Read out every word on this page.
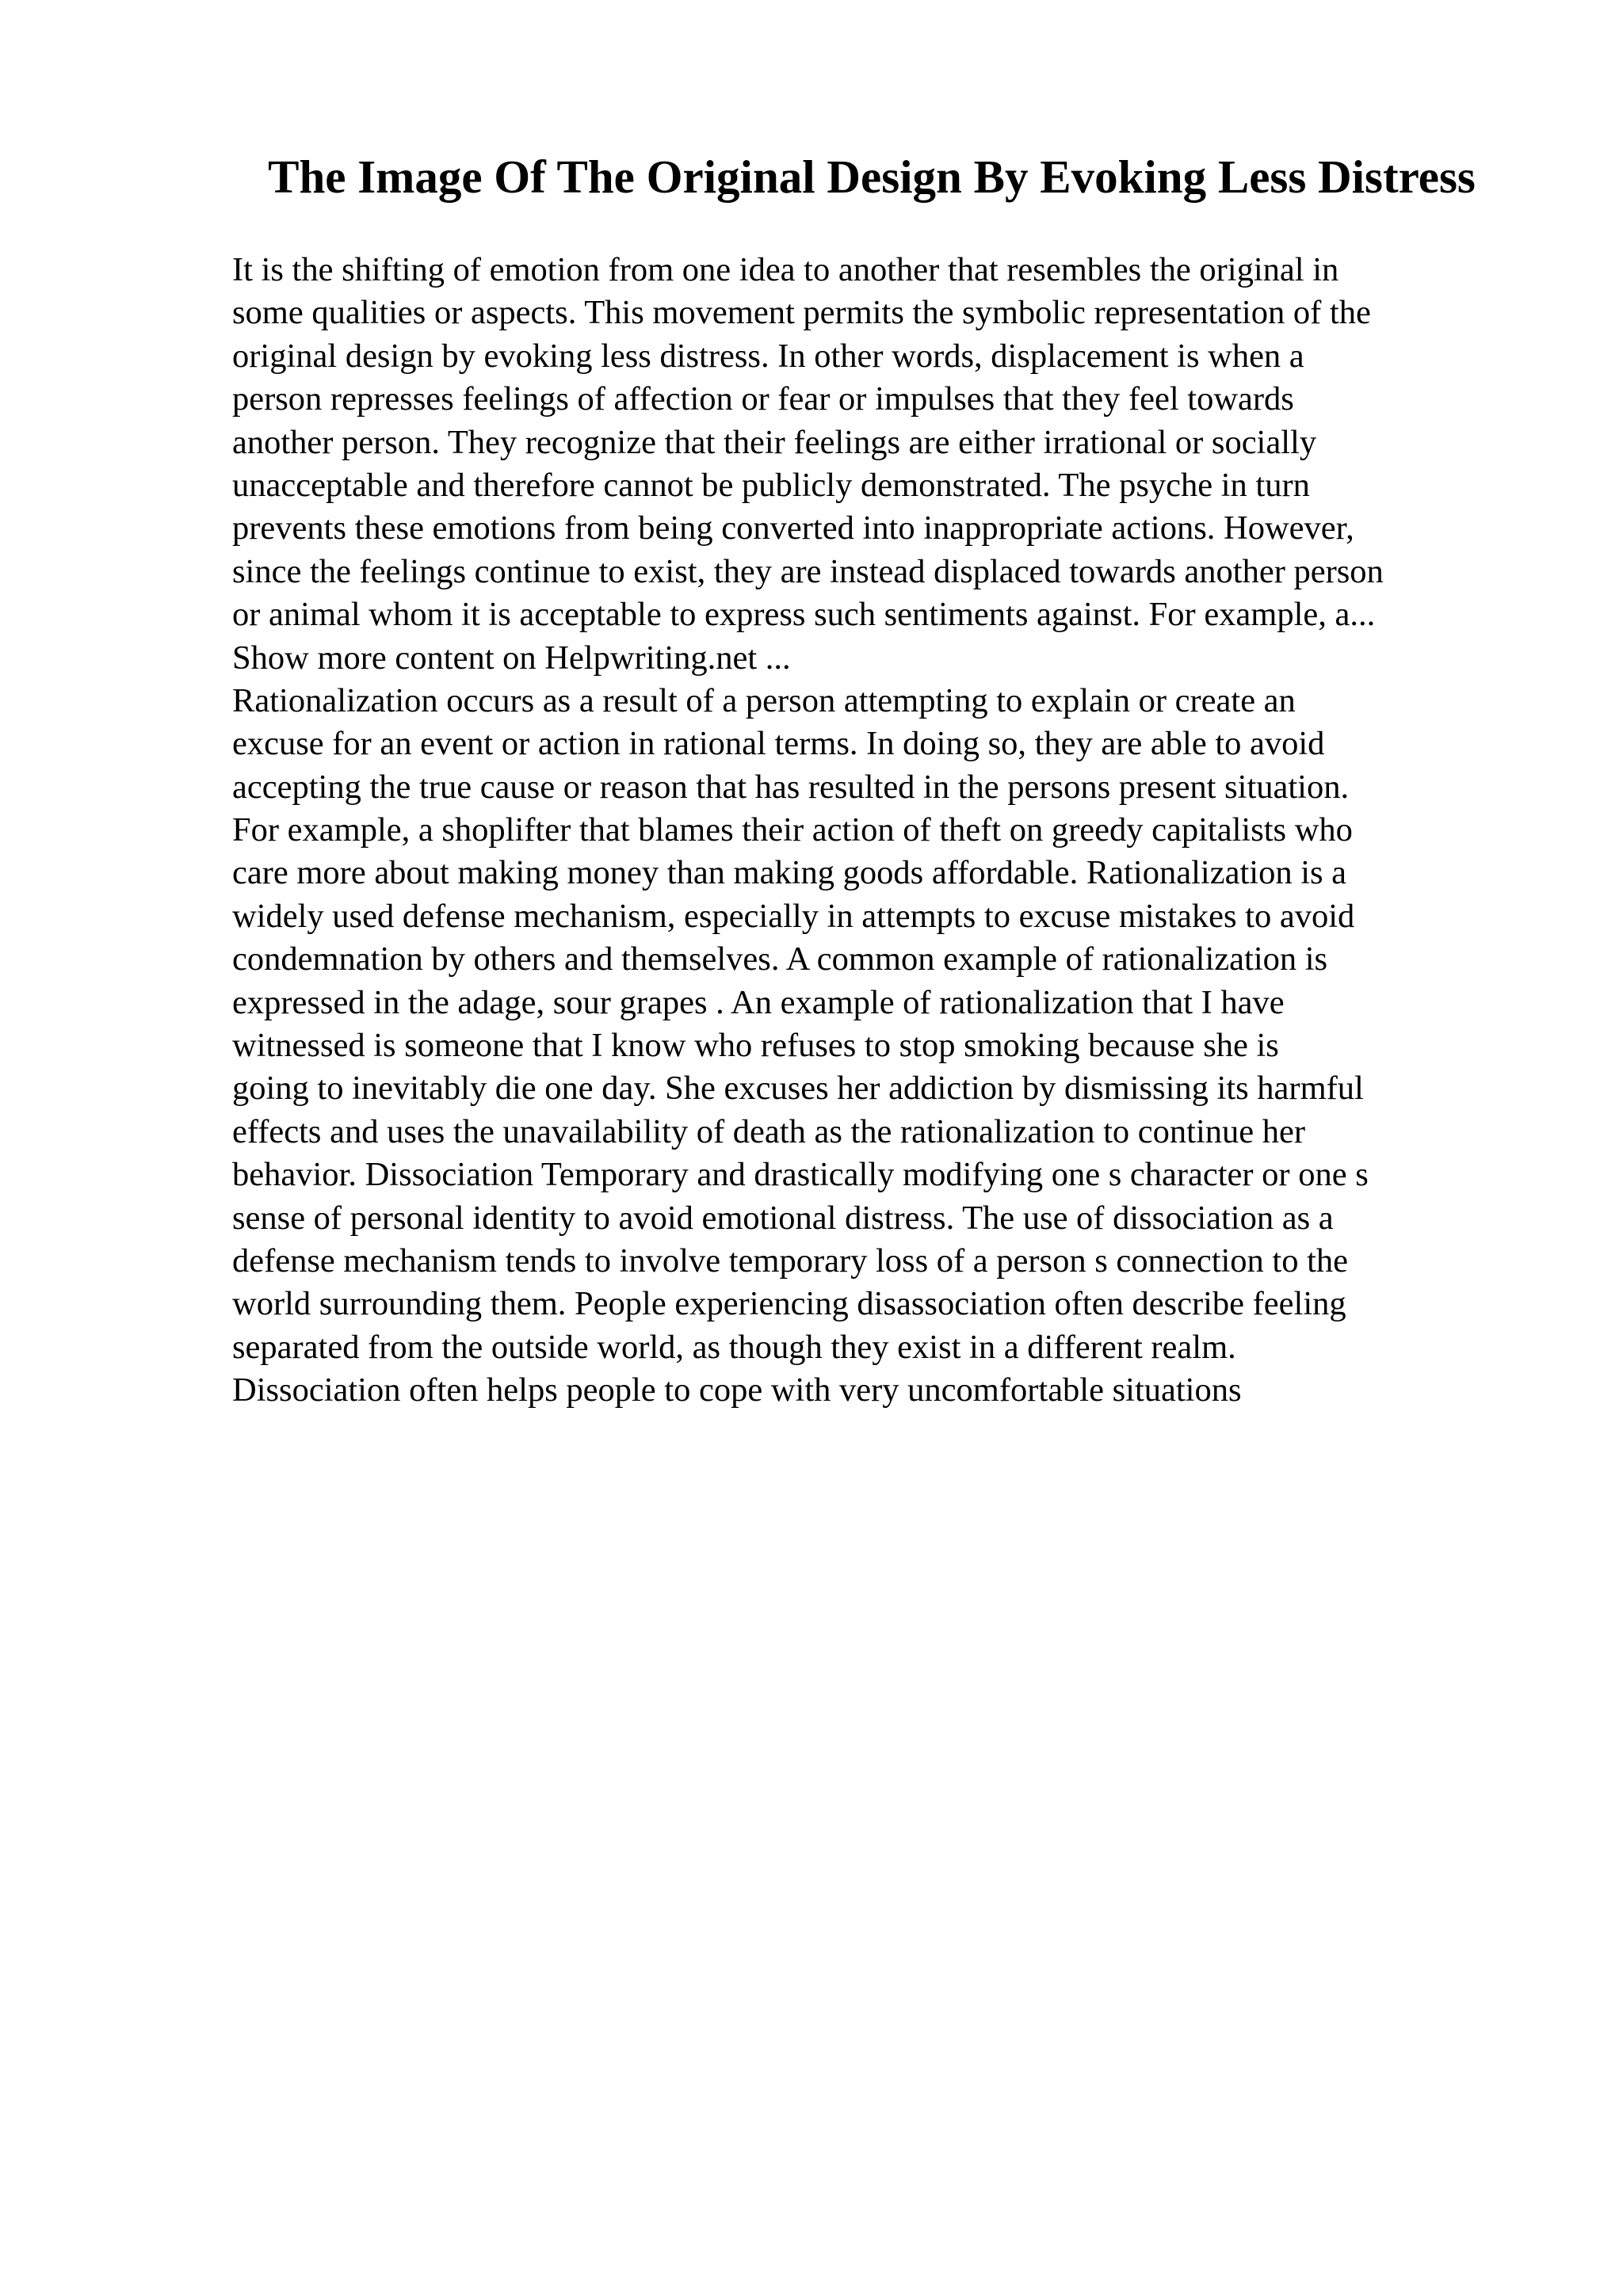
The Image Of The Original Design By Evoking Less Distress
It is the shifting of emotion from one idea to another that resembles the original in
some qualities or aspects. This movement permits the symbolic representation of the
original design by evoking less distress. In other words, displacement is when a
person represses feelings of affection or fear or impulses that they feel towards
another person. They recognize that their feelings are either irrational or socially
unacceptable and therefore cannot be publicly demonstrated. The psyche in turn
prevents these emotions from being converted into inappropriate actions. However,
since the feelings continue to exist, they are instead displaced towards another person
or animal whom it is acceptable to express such sentiments against. For example, a...
Show more content on Helpwriting.net ...
Rationalization occurs as a result of a person attempting to explain or create an
excuse for an event or action in rational terms. In doing so, they are able to avoid
accepting the true cause or reason that has resulted in the persons present situation.
For example, a shoplifter that blames their action of theft on greedy capitalists who
care more about making money than making goods affordable. Rationalization is a
widely used defense mechanism, especially in attempts to excuse mistakes to avoid
condemnation by others and themselves. A common example of rationalization is
expressed in the adage, sour grapes . An example of rationalization that I have
witnessed is someone that I know who refuses to stop smoking because she is
going to inevitably die one day. She excuses her addiction by dismissing its harmful
effects and uses the unavailability of death as the rationalization to continue her
behavior. Dissociation Temporary and drastically modifying one s character or one s
sense of personal identity to avoid emotional distress. The use of dissociation as a
defense mechanism tends to involve temporary loss of a person s connection to the
world surrounding them. People experiencing disassociation often describe feeling
separated from the outside world, as though they exist in a different realm.
Dissociation often helps people to cope with very uncomfortable situations
